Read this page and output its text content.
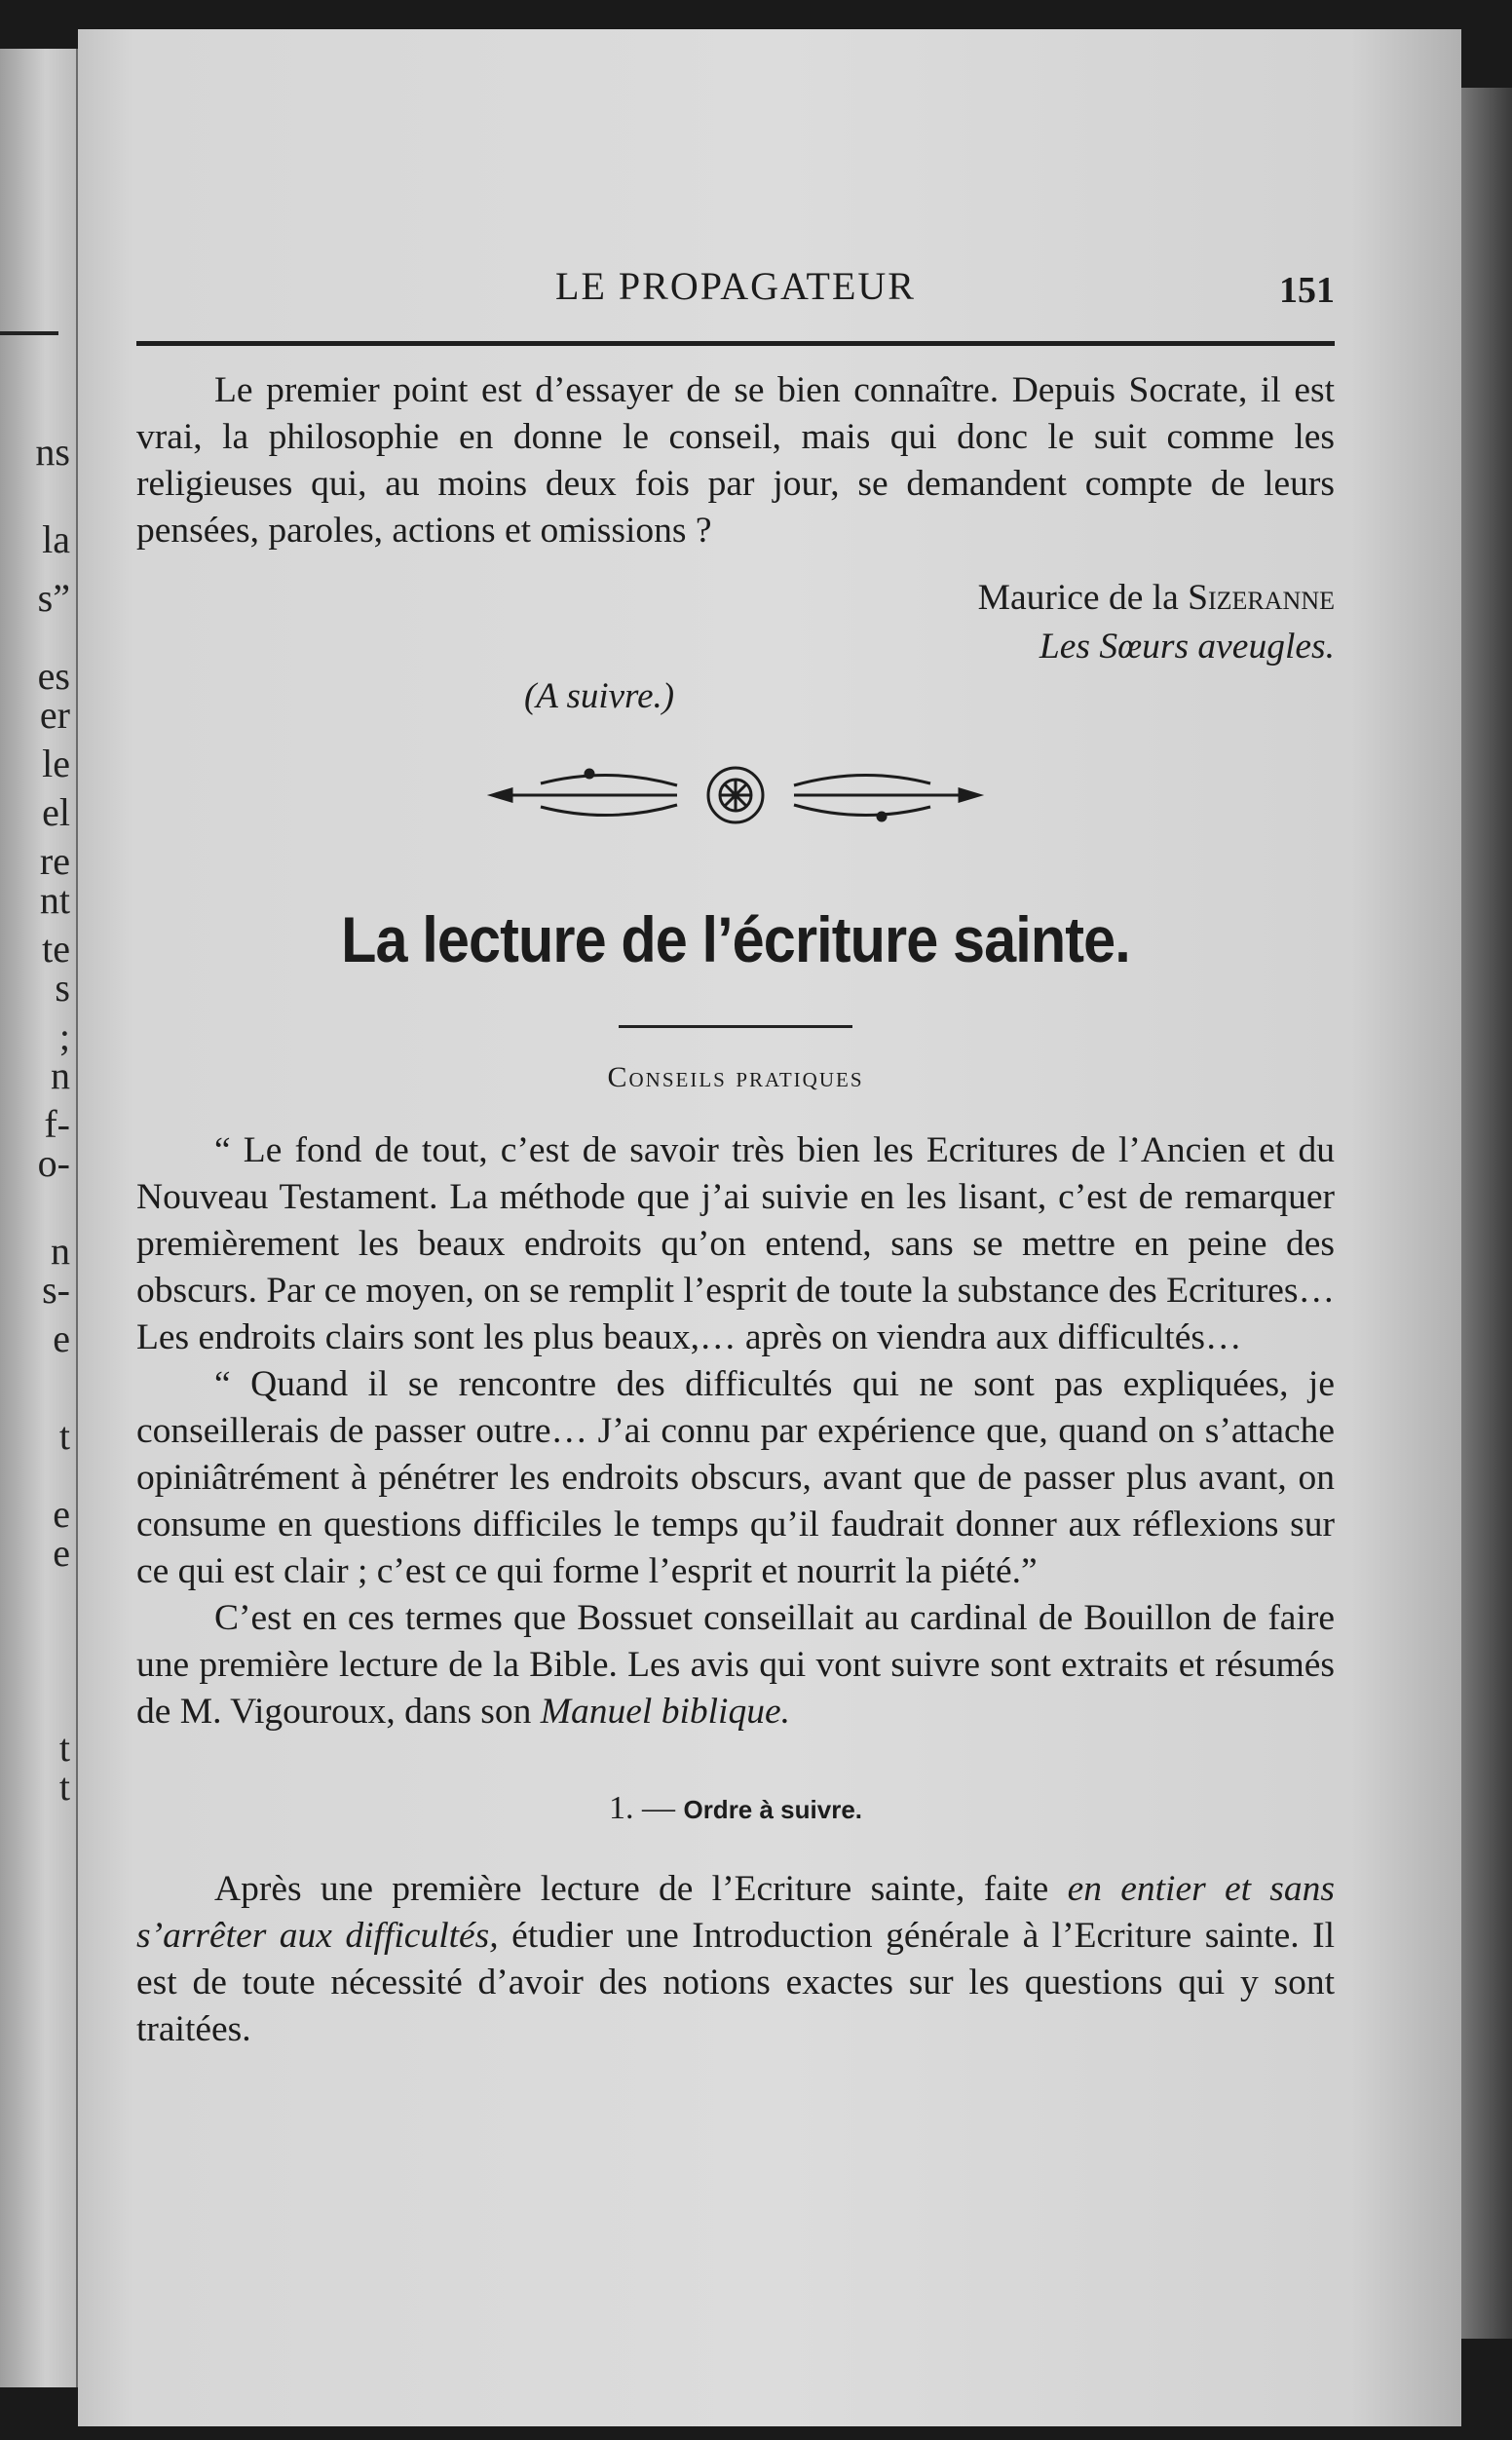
ns
la
s”
es
er
le
el
re
nt
te
s
;
n
f-
o-
n
s-
e
t
e
e
t
t
LE PROPAGATEUR	151

Le premier point est d’essayer de se bien connaître. Depuis Socrate, il est vrai, la philosophie en donne le conseil, mais qui donc le suit comme les religieuses qui, au moins deux fois par jour, se demandent compte de leurs pensées, paroles, actions et omissions ?

Maurice de la Sizeranne
Les Sœurs aveugles.
(A suivre.)
La lecture de l’écriture sainte.
Conseils pratiques

“ Le fond de tout, c’est de savoir très bien les Ecritures de l’Ancien et du Nouveau Testament. La méthode que j’ai suivie en les lisant, c’est de remarquer premièrement les beaux endroits qu’on entend, sans se mettre en peine des obscurs. Par ce moyen, on se remplit l’esprit de toute la substance des Ecritures… Les endroits clairs sont les plus beaux,… après on viendra aux difficultés…

“ Quand il se rencontre des difficultés qui ne sont pas expliquées, je conseillerais de passer outre… J’ai connu par expérience que, quand on s’attache opiniâtrément à pénétrer les endroits obscurs, avant que de passer plus avant, on consume en questions difficiles le temps qu’il faudrait donner aux réflexions sur ce qui est clair ; c’est ce qui forme l’esprit et nourrit la piété.”

C’est en ces termes que Bossuet conseillait au cardinal de Bouillon de faire une première lecture de la Bible. Les avis qui vont suivre sont extraits et résumés de M. Vigouroux, dans son Manuel biblique.

1. — Ordre à suivre.

Après une première lecture de l’Ecriture sainte, faite en entier et sans s’arrêter aux difficultés, étudier une Introduction générale à l’Ecriture sainte. Il est de toute nécessité d’avoir des notions exactes sur les questions qui y sont traitées.
